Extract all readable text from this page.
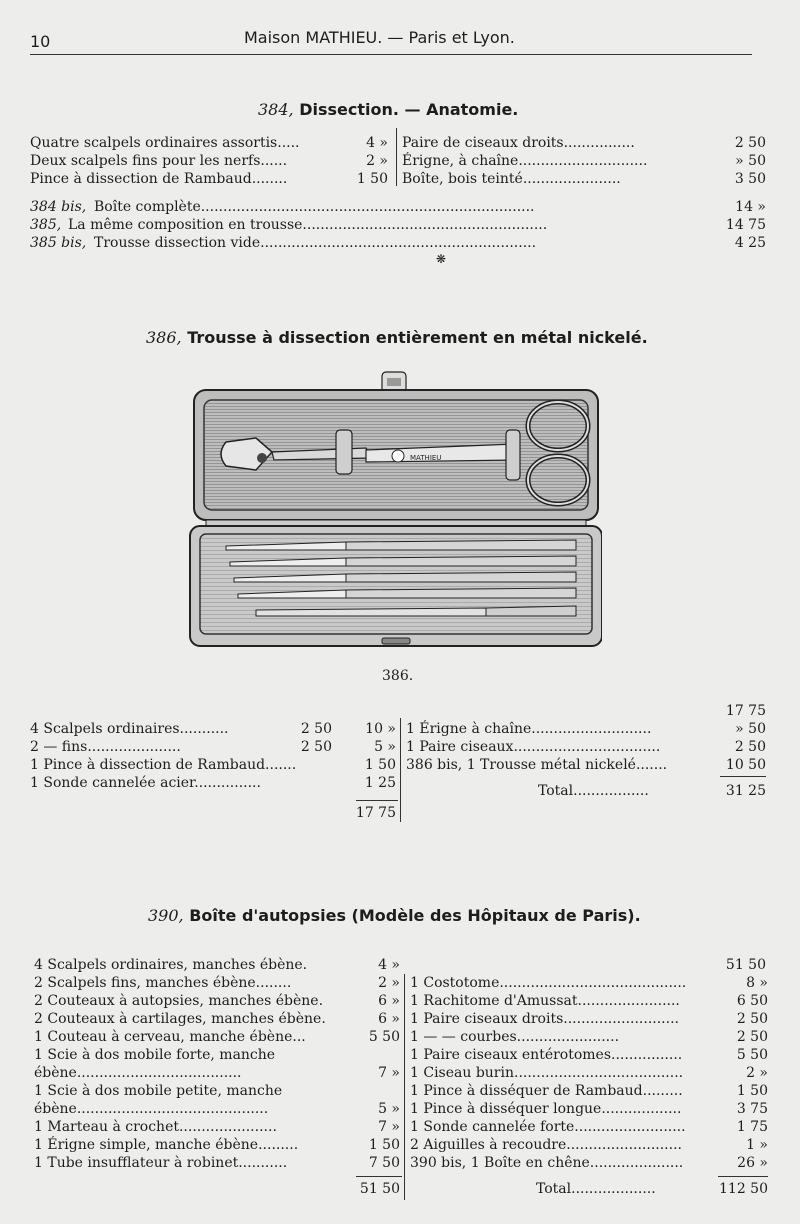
10	Maison MATHIEU. — Paris et Lyon.
384, Dissection. — Anatomie.
Quatre scalpels ordinaires assortis.....	4 »
Deux scalpels fins pour les nerfs......	2 »
Pince à dissection de Rambaud........	1 50
Paire de ciseaux droits................	2 50
Érigne, à chaîne.............................	» 50
Boîte, bois teinté......................	3 50
384 bis, Boîte complète...........................................................................	14 »
385, La même composition en trousse.......................................................	14 75
385 bis, Trousse dissection vide..............................................................	4 25
❋
386, Trousse à dissection entièrement en métal nickelé.
MATHIEU
386.
17 75
4 Scalpels ordinaires...........	2 50	10 »
2 — fins.....................	2 50	5 »
1 Pince à dissection de Rambaud.......	1 50
1 Sonde cannelée acier...............	1 25
1 Érigne à chaîne...........................	» 50
1 Paire ciseaux.................................	2 50
386 bis, 1 Trousse métal nickelé.......	10 50
17 75
Total.................	31 25
390, Boîte d'autopsies (Modèle des Hôpitaux de Paris).
51 50
4 Scalpels ordinaires, manches ébène.	4 »
2 Scalpels fins, manches ébène........	2 »
2 Couteaux à autopsies, manches ébène.	6 »
2 Couteaux à cartilages, manches ébène.	6 »
1 Couteau à cerveau, manche ébène...	5 50
1 Scie à dos mobile forte, manche
ébène.....................................	7 »
1 Scie à dos mobile petite, manche
ébène...........................................	5 »
1 Marteau à crochet......................	7 »
1 Érigne simple, manche ébène.........	1 50
1 Tube insufflateur à robinet...........	7 50
1 Costotome..........................................	8 »
1 Rachitome d'Amussat.......................	6 50
1 Paire ciseaux droits..........................	2 50
1 — — courbes.......................	2 50
1 Paire ciseaux entérotomes................	5 50
1 Ciseau burin......................................	2 »
1 Pince à disséquer de Rambaud.........	1 50
1 Pince à disséquer longue..................	3 75
1 Sonde cannelée forte.........................	1 75
2 Aiguilles à recoudre..........................	1 »
390 bis, 1 Boîte en chêne.....................	26 »
51 50	Total...................	112 50
